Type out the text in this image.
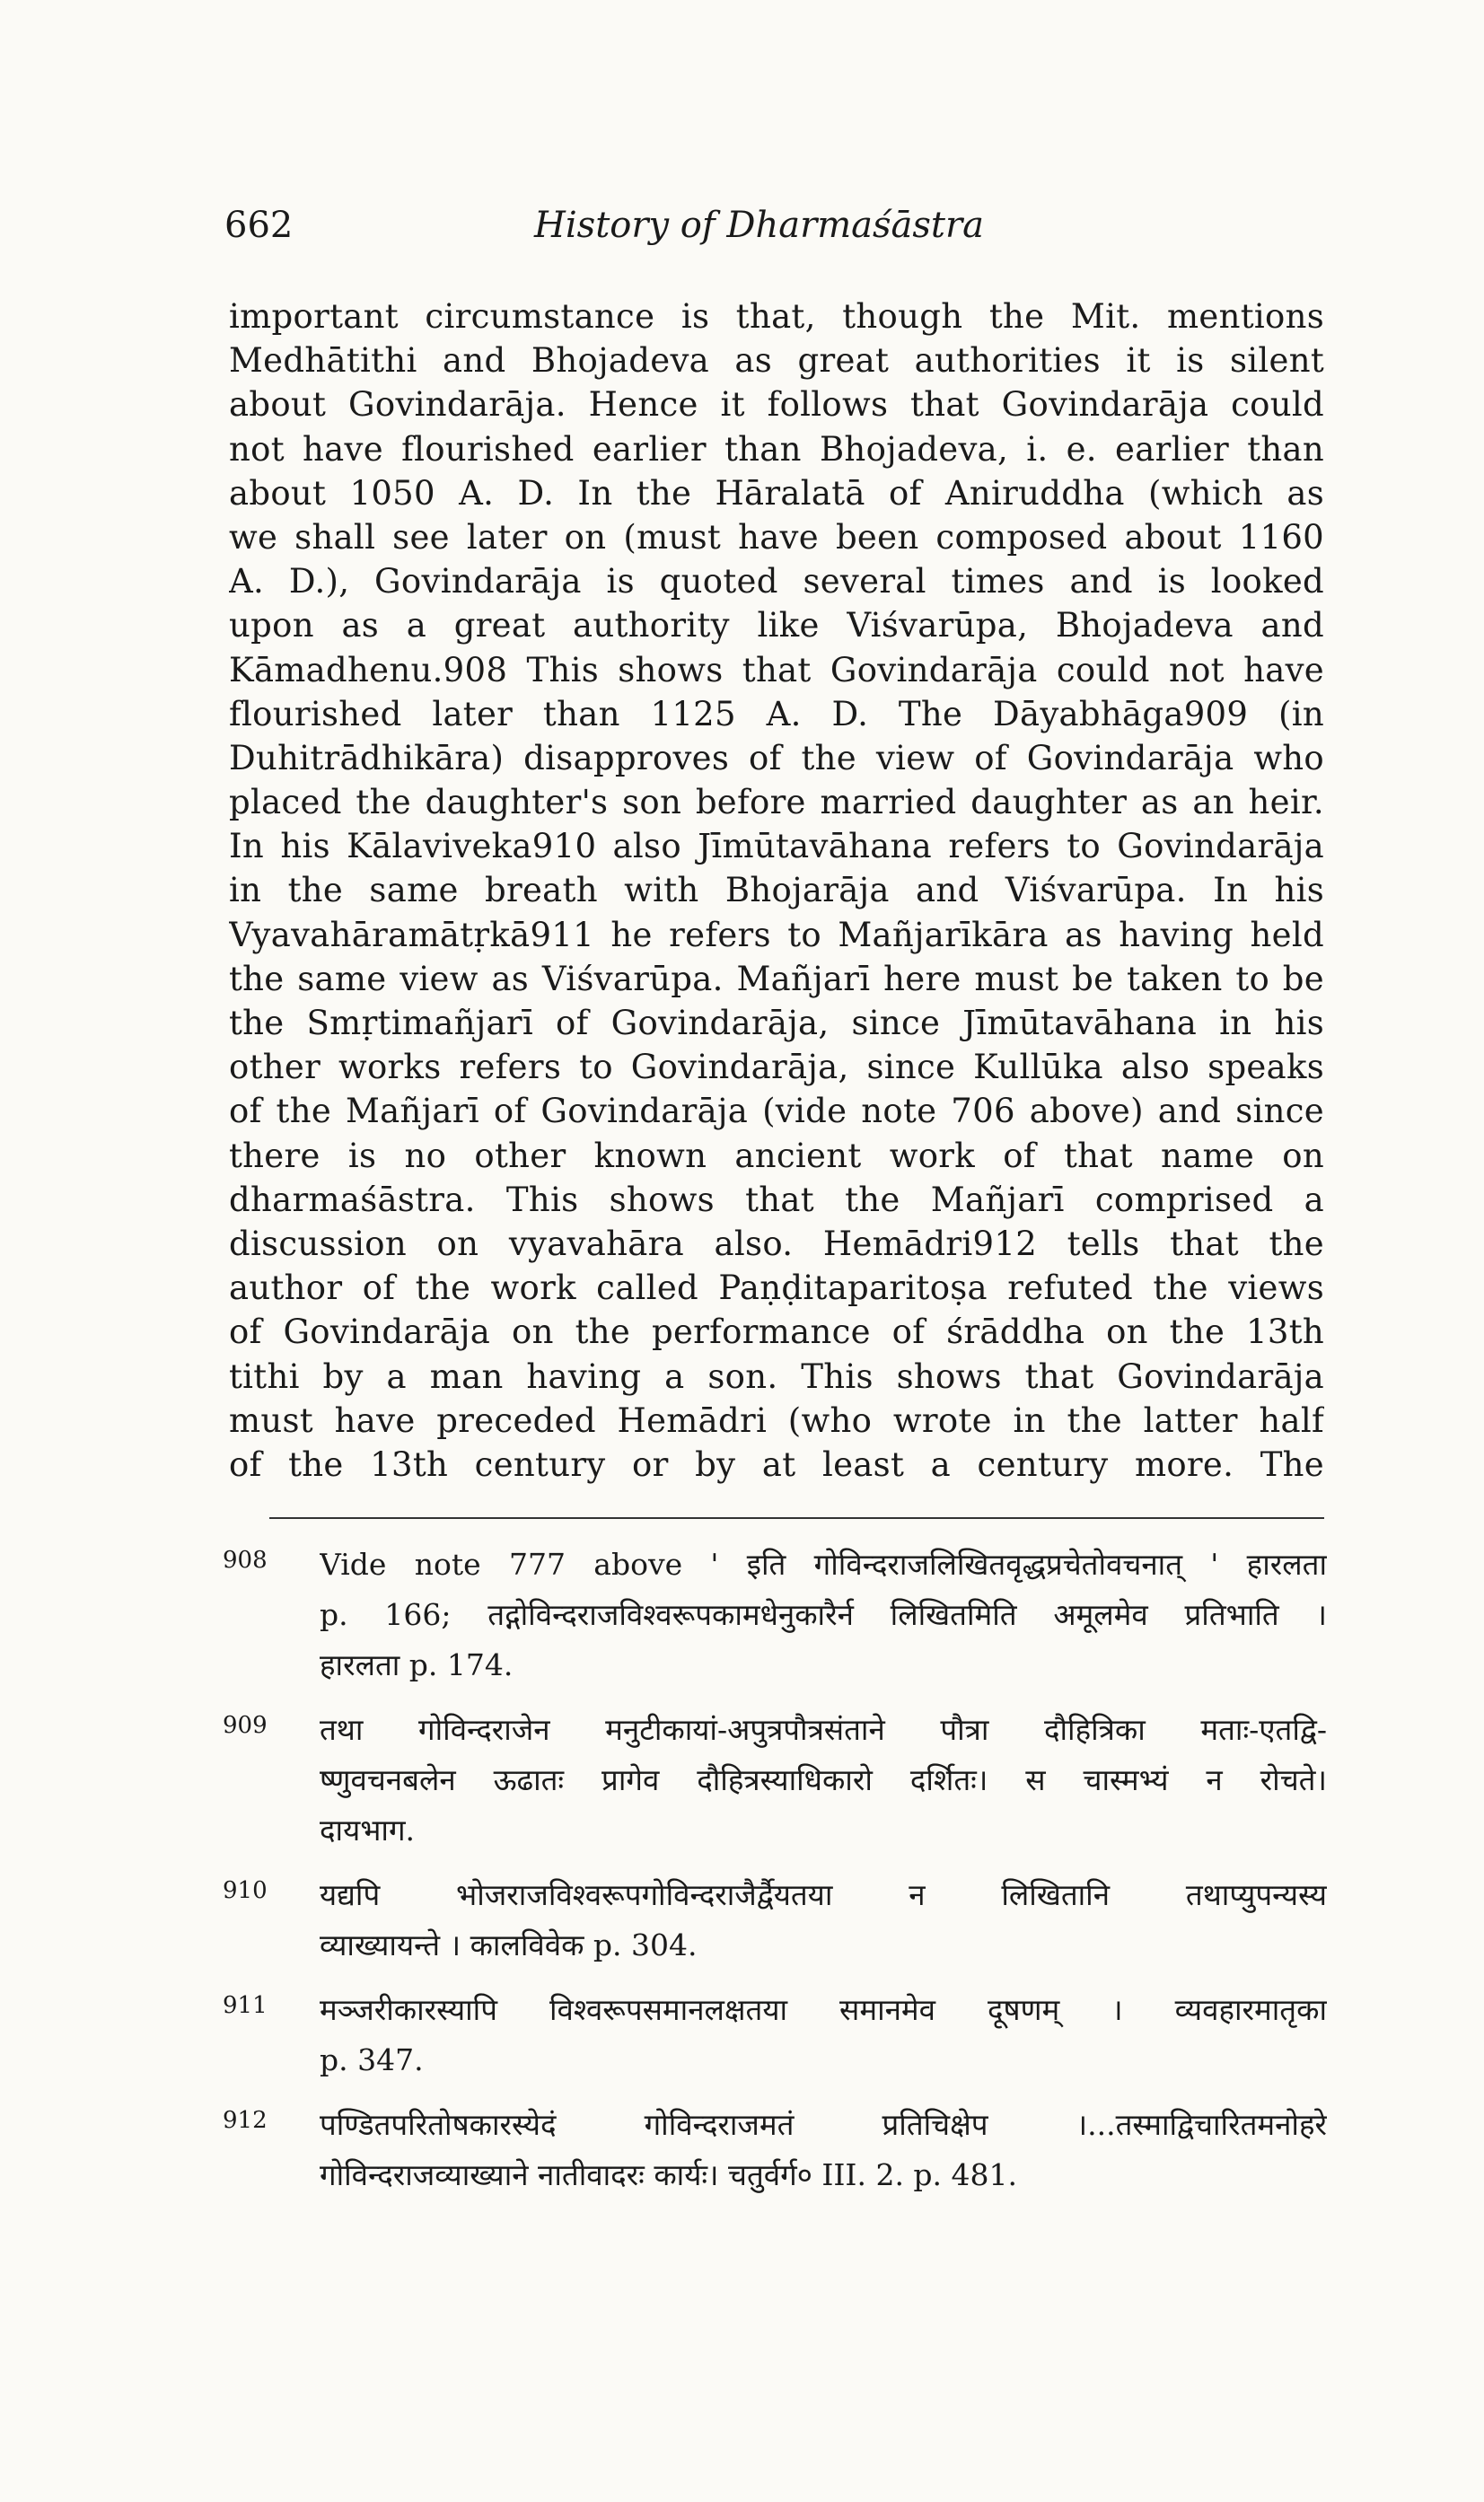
662	History of Dharmaśāstra
important circumstance is that, though the Mit. mentions
Medhātithi and Bhojadeva as great authorities it is silent
about Govindarāja. Hence it follows that Govindarāja could
not have flourished earlier than Bhojadeva, i. e. earlier than
about 1050 A. D. In the Hāralatā of Aniruddha (which as
we shall see later on (must have been composed about 1160
A. D.), Govindarāja is quoted several times and is looked
upon as a great authority like Viśvarūpa, Bhojadeva and
Kāmadhenu.908 This shows that Govindarāja could not have
flourished later than 1125 A. D. The Dāyabhāga909 (in
Duhitrādhikāra) disapproves of the view of Govindarāja who
placed the daughter's son before married daughter as an heir.
In his Kālaviveka910 also Jīmūtavāhana refers to Govindarāja
in the same breath with Bhojarāja and Viśvarūpa. In his
Vyavahāramātṛkā911 he refers to Mañjarīkāra as having held
the same view as Viśvarūpa. Mañjarī here must be taken to be
the Smṛtimañjarī of Govindarāja, since Jīmūtavāhana in his
other works refers to Govindarāja, since Kullūka also speaks
of the Mañjarī of Govindarāja (vide note 706 above) and since
there is no other known ancient work of that name on
dharmaśāstra. This shows that the Mañjarī comprised a
discussion on vyavahāra also. Hemādri912 tells that the
author of the work called Paṇḍitaparitoṣa refuted the views
of Govindarāja on the performance of śrāddha on the 13th
tithi by a man having a son. This shows that Govindarāja
must have preceded Hemādri (who wrote in the latter half
of the 13th century or by at least a century more. The
908 Vide note 777 above ' इति गोविन्दराजलिखितवृद्धप्रचेतोवचनात् ' हारलता
p. 166; तद्गोविन्दराजविश्वरूपकामधेनुकारैर्न लिखितमिति अमूलमेव प्रतिभाति ।
हारलता p. 174.
909 तथा गोविन्दराजेन मनुटीकायां-अपुत्रपौत्रसंताने पौत्रा दौहित्रिका मताः-एतद्वि-
ष्णुवचनबलेन ऊढातः प्रागेव दौहित्रस्याधिकारो दर्शितः। स चास्मभ्यं न रोचते।
दायभाग.
910 यद्यपि भोजराजविश्वरूपगोविन्दराजैर्द्वैयतया न लिखितानि तथाप्युपन्यस्य
व्याख्यायन्ते । कालविवेक p. 304.
911 मञ्जरीकारस्यापि विश्वरूपसमानलक्षतया समानमेव दूषणम् । व्यवहारमातृका
p. 347.
912 पण्डितपरितोषकारस्येदं गोविन्दराजमतं प्रतिचिक्षेप ।...तस्माद्विचारितमनोहरे
गोविन्दराजव्याख्याने नातीवादरः कार्यः। चतुर्वर्ग० III. 2. p. 481.
